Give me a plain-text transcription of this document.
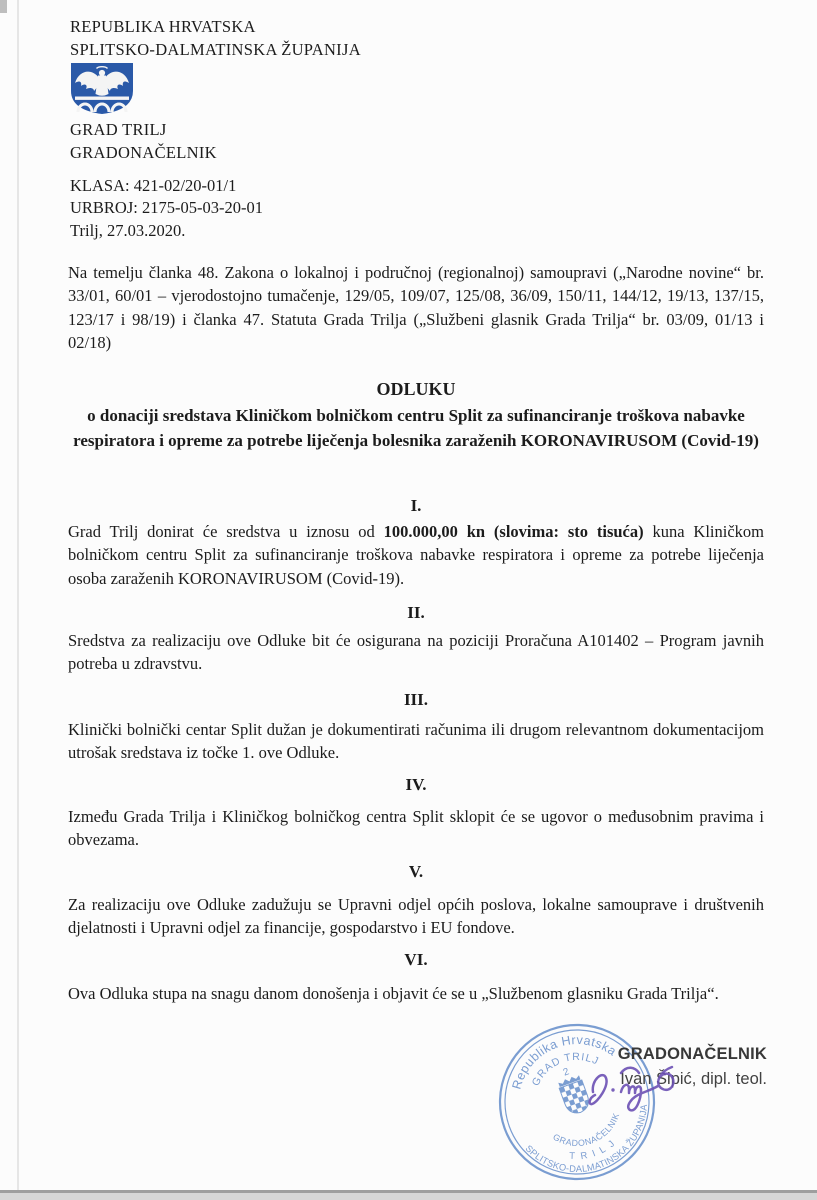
REPUBLIKA HRVATSKA
SPLITSKO-DALMATINSKA ŽUPANIJA
GRAD TRILJ
GRADONAČELNIK
KLASA: 421-02/20-01/1
URBROJ: 2175-05-03-20-01
Trilj, 27.03.2020.
Na temelju članka 48. Zakona o lokalnoj i područnoj (regionalnoj) samoupravi („Narodne novine“ br. 33/01, 60/01 – vjerodostojno tumačenje, 129/05, 109/07, 125/08, 36/09, 150/11, 144/12, 19/13, 137/15, 123/17 i 98/19) i članka 47. Statuta Grada Trilja („Službeni glasnik Grada Trilja“ br. 03/09, 01/13 i 02/18)
ODLUKU
o donaciji sredstava Kliničkom bolničkom centru Split za sufinanciranje troškova nabavke respiratora i opreme za potrebe liječenja bolesnika zaraženih KORONAVIRUSOM (Covid-19)
I.
Grad Trilj donirat će sredstva u iznosu od 100.000,00 kn (slovima: sto tisuća) kuna Kliničkom bolničkom centru Split za sufinanciranje troškova nabavke respiratora i opreme za potrebe liječenja osoba zaraženih KORONAVIRUSOM (Covid-19).
II.
Sredstva za realizaciju ove Odluke bit će osigurana na poziciji Proračuna A101402 – Program javnih potreba u zdravstvu.
III.
Klinički bolnički centar Split dužan je dokumentirati računima ili drugom relevantnom dokumentacijom utrošak sredstava iz točke 1. ove Odluke.
IV.
Između Grada Trilja i Kliničkog bolničkog centra Split sklopit će se ugovor o međusobnim pravima i obvezama.
V.
Za realizaciju ove Odluke zadužuju se Upravni odjel općih poslova, lokalne samouprave i društvenih djelatnosti i Upravni odjel za financije, gospodarstvo i EU fondove.
VI.
Ova Odluka stupa na snagu danom donošenja i objavit će se u „Službenom glasniku Grada Trilja“.
Republika Hrvatska
GRAD TRILJ
2
GRADONAČELNIK
TRILJ
SPLITSKO-DALMATINSKA ŽUPANIJA
GRADONAČELNIK
Ivan Šipić, dipl. teol.
